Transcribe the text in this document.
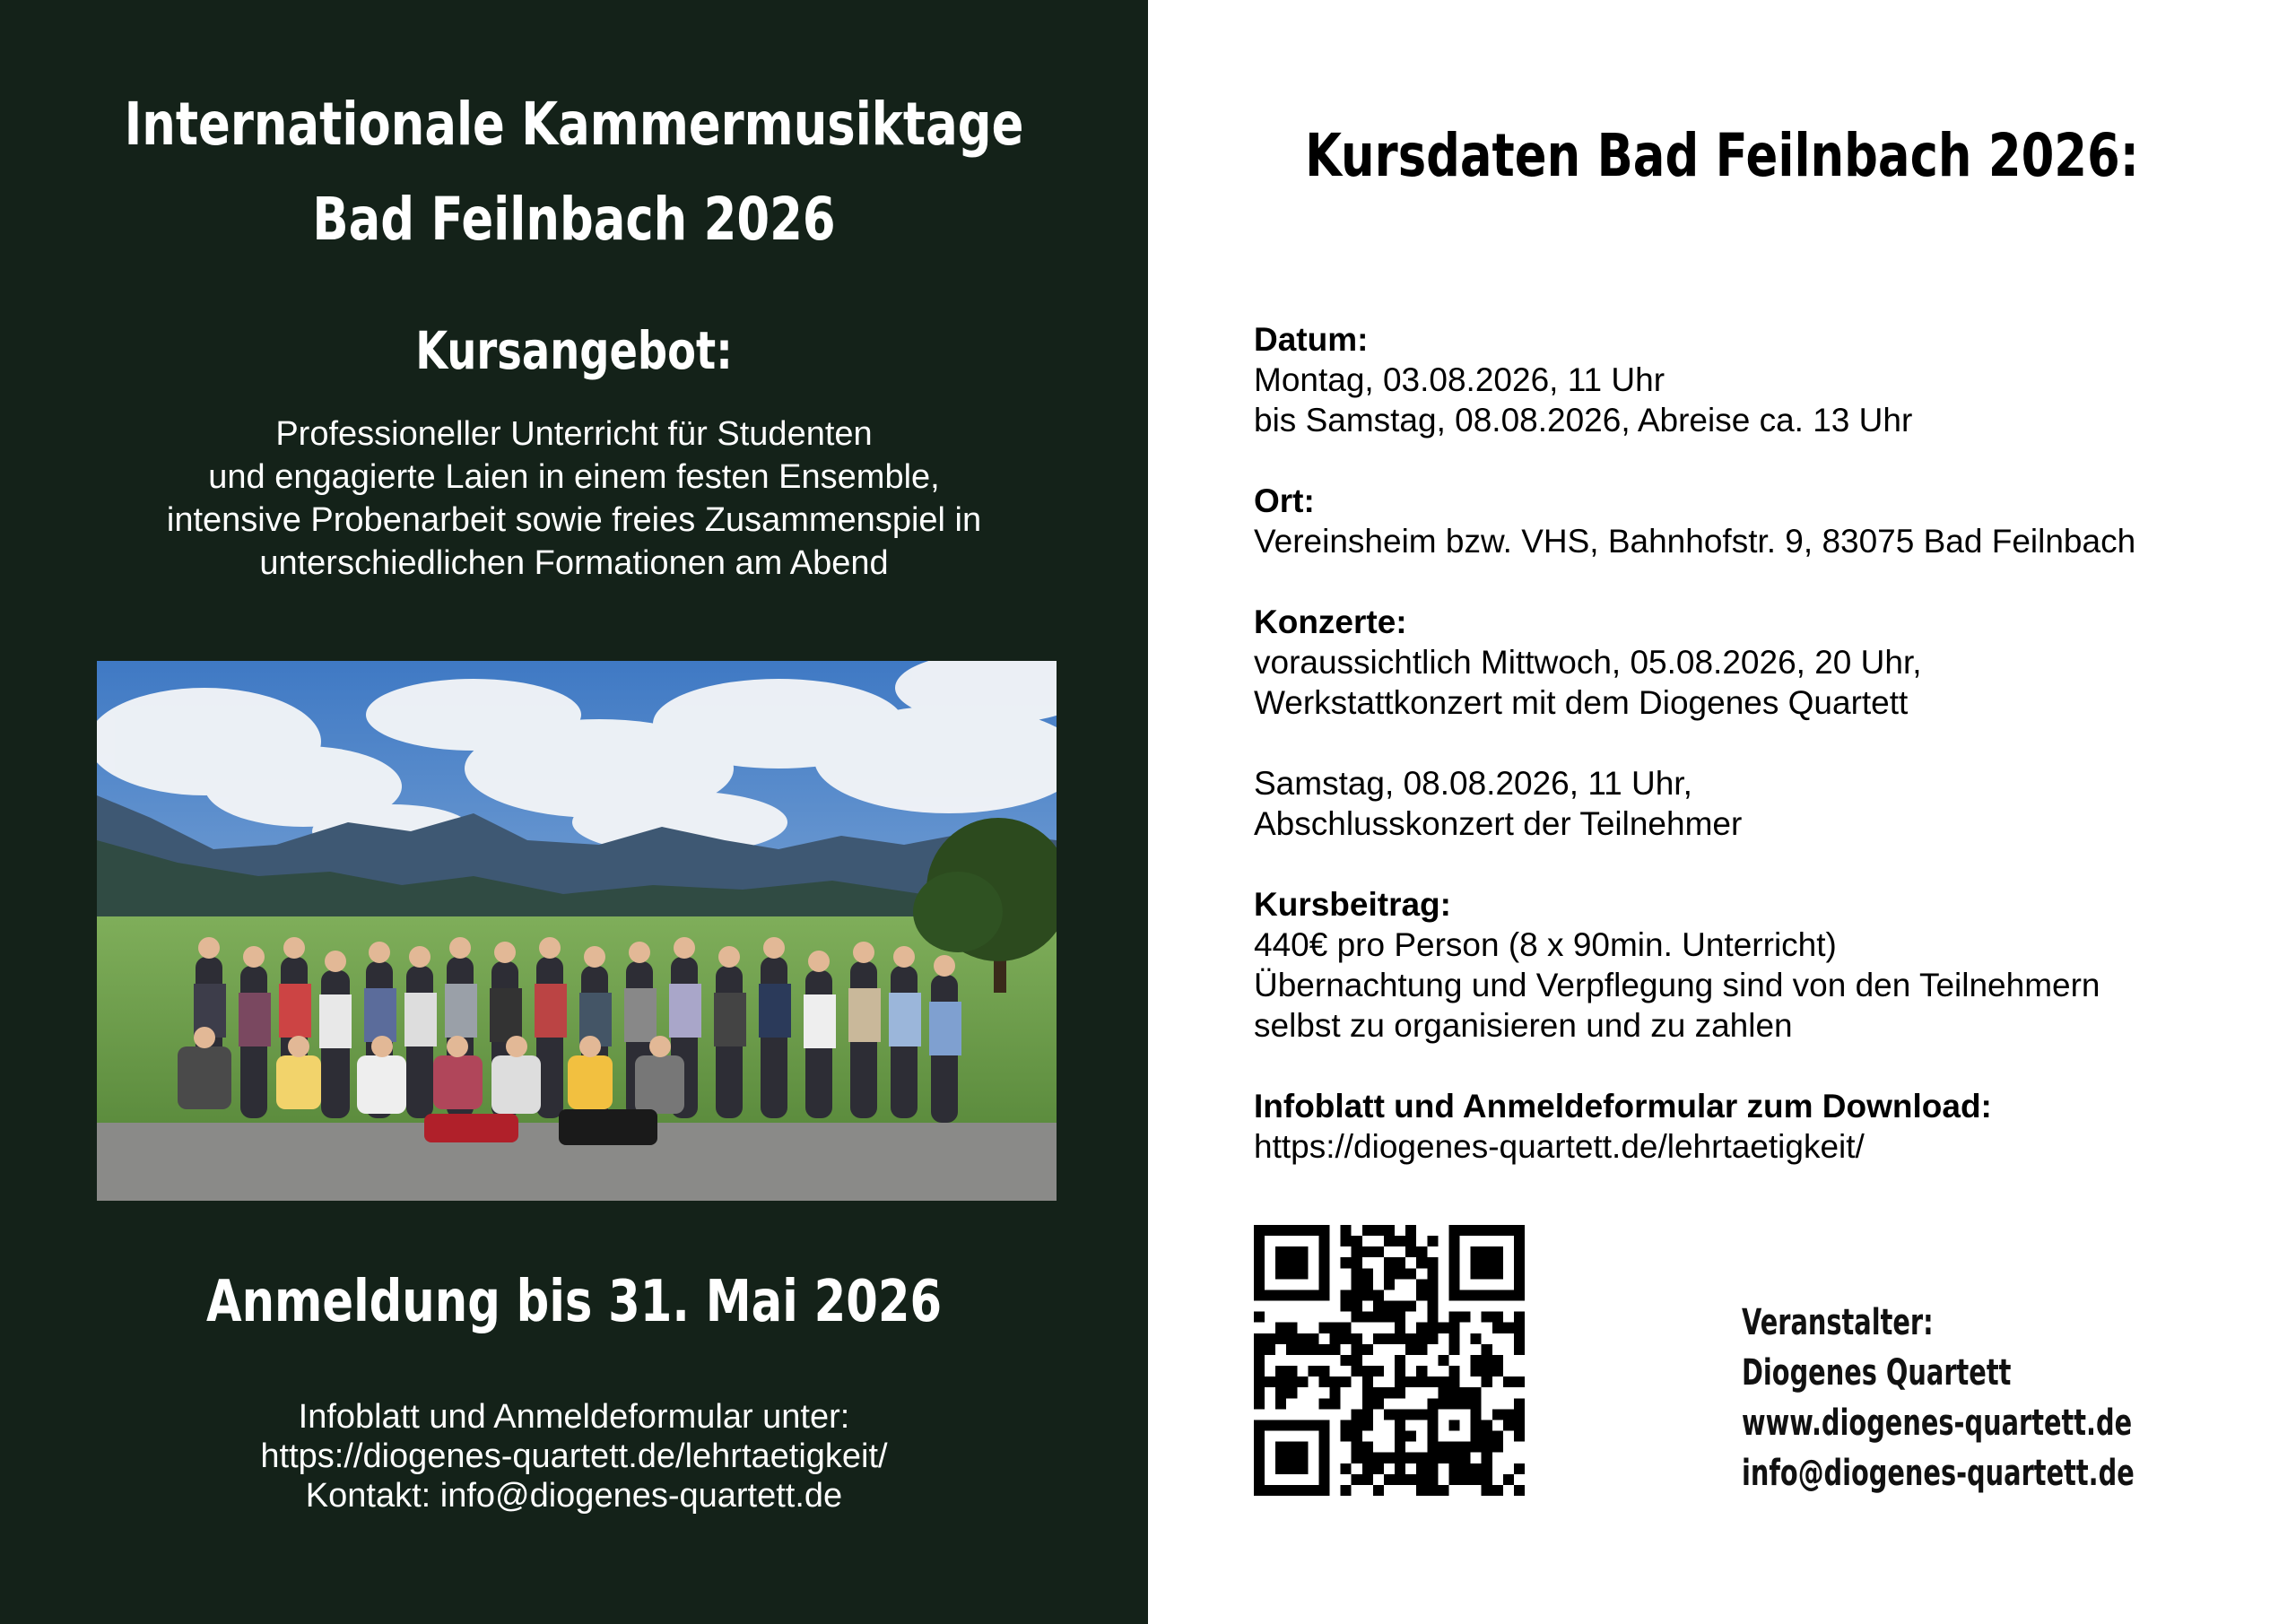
Internationale Kammermusiktage
Bad Feilnbach 2026
Kursangebot:
Professioneller Unterricht für Studenten
und engagierte Laien in einem festen Ensemble,
intensive Probenarbeit sowie freies Zusammenspiel in
unterschiedlichen Formationen am Abend
Anmeldung bis 31. Mai 2026
Infoblatt und Anmeldeformular unter:
https://diogenes-quartett.de/lehrtaetigkeit/
Kontakt: info@diogenes-quartett.de
Kursdaten Bad Feilnbach 2026:
Datum:
Montag, 03.08.2026, 11 Uhr
bis Samstag, 08.08.2026, Abreise ca. 13 Uhr
Ort:
Vereinsheim bzw. VHS, Bahnhofstr. 9, 83075 Bad Feilnbach
Konzerte:
voraussichtlich Mittwoch, 05.08.2026, 20 Uhr,
Werkstattkonzert mit dem Diogenes Quartett
Samstag, 08.08.2026, 11 Uhr,
Abschlusskonzert der Teilnehmer
Kursbeitrag:
440€ pro Person (8 x 90min. Unterricht)
Übernachtung und Verpflegung sind von den Teilnehmern
selbst zu organisieren und zu zahlen
Infoblatt und Anmeldeformular zum Download:
https://diogenes-quartett.de/lehrtaetigkeit/
Veranstalter:
Diogenes Quartett
www.diogenes-quartett.de
info@diogenes-quartett.de
